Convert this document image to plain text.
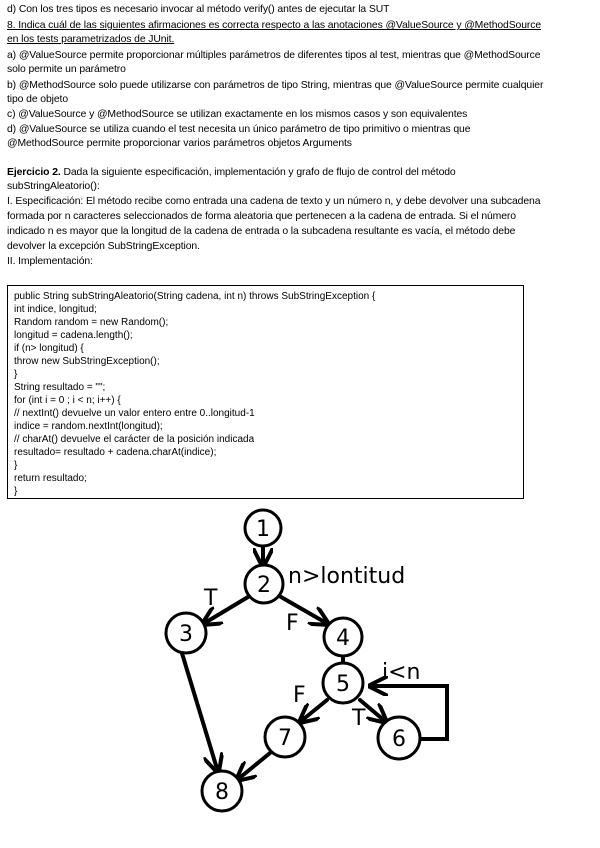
d) Con los tres tipos es necesario invocar al método verify() antes de ejecutar la SUT
8. Indica cuál de las siguientes afirmaciones es correcta respecto a las anotaciones @ValueSource y @MethodSource
en los tests parametrizados de JUnit.
a) @ValueSource permite proporcionar múltiples parámetros de diferentes tipos al test, mientras que @MethodSource
solo permite un parámetro
b) @MethodSource solo puede utilizarse con parámetros de tipo String, mientras que @ValueSource permite cualquier
tipo de objeto
c) @ValueSource y @MethodSource se utilizan exactamente en los mismos casos y son equivalentes
d) @ValueSource se utiliza cuando el test necesita un único parámetro de tipo primitivo o mientras que
@MethodSource permite proporcionar varios parámetros objetos Arguments
Ejercicio 2. Dada la siguiente especificación, implementación y grafo de flujo de control del método
subStringAleatorio():
I. Especificación: El método recibe como entrada una cadena de texto y un número n, y debe devolver una subcadena
formada por n caracteres seleccionados de forma aleatoria que pertenecen a la cadena de entrada. Si el número
indicado n es mayor que la longitud de la cadena de entrada o la subcadena resultante es vacía, el método debe
devolver la excepción SubStringException.
II. Implementación:
public String subStringAleatorio(String cadena, int n) throws SubStringException {
int indice, longitud;
Random random = new Random();
longitud = cadena.length();
if (n> longitud) {
throw new SubStringException();
}
String resultado = "";
for (int i = 0 ; i < n; i++) {
// nextInt() devuelve un valor entero entre 0..longitud-1
indice = random.nextInt(longitud);
// charAt() devuelve el carácter de la posición indicada
resultado= resultado + cadena.charAt(indice);
}
return resultado;
}
1
2
3	4
5
6
7
8
n>lontitud
i<n
T
F
F
T
